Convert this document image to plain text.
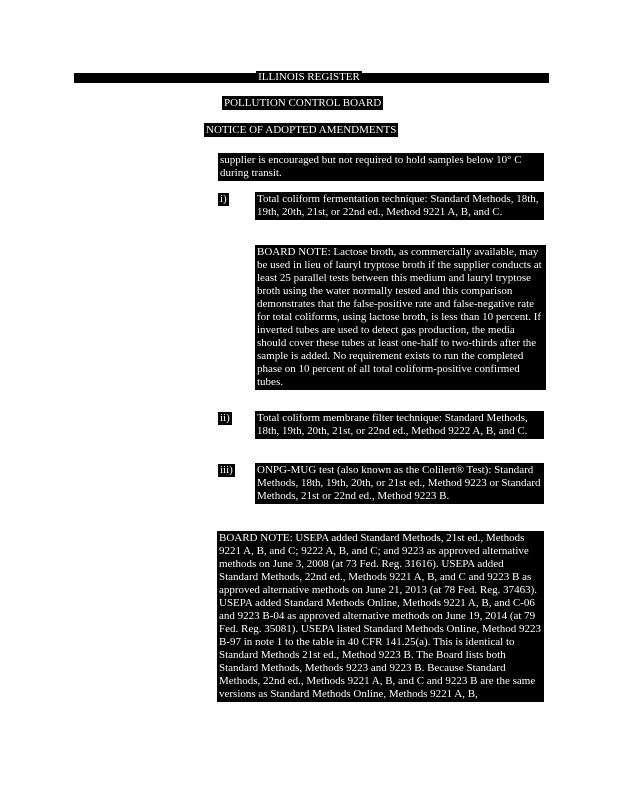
ILLINOIS REGISTER
POLLUTION CONTROL BOARD
NOTICE OF ADOPTED AMENDMENTS
supplier is encouraged but not required to hold samples below 10° C during transit.
i)	Total coliform fermentation technique: Standard Methods, 18th, 19th, 20th, 21st, or 22nd ed., Method 9221 A, B, and C.
BOARD NOTE: Lactose broth, as commercially available, may be used in lieu of lauryl tryptose broth if the supplier conducts at least 25 parallel tests between this medium and lauryl tryptose broth using the water normally tested and this comparison demonstrates that the false-positive rate and false-negative rate for total coliforms, using lactose broth, is less than 10 percent. If inverted tubes are used to detect gas production, the media should cover these tubes at least one-half to two-thirds after the sample is added. No requirement exists to run the completed phase on 10 percent of all total coliform-positive confirmed tubes.
ii) Total coliform membrane filter technique: Standard Methods, 18th, 19th, 20th, 21st, or 22nd ed., Method 9222 A, B, and C.
iii) ONPG-MUG test (also known as the Colilert® Test): Standard Methods, 18th, 19th, 20th, or 21st ed., Method 9223 or Standard Methods, 21st or 22nd ed., Method 9223 B.
BOARD NOTE: USEPA added Standard Methods, 21st ed., Methods 9221 A, B, and C; 9222 A, B, and C; and 9223 as approved alternative methods on June 3, 2008 (at 73 Fed. Reg. 31616). USEPA added Standard Methods, 22nd ed., Methods 9221 A, B, and C and 9223 B as approved alternative methods on June 21, 2013 (at 78 Fed. Reg. 37463). USEPA added Standard Methods Online, Methods 9221 A, B, and C-06 and 9223 B-04 as approved alternative methods on June 19, 2014 (at 79 Fed. Reg. 35081). USEPA listed Standard Methods Online, Method 9223 B-97 in note 1 to the table in 40 CFR 141.25(a). This is identical to Standard Methods 21st ed., Method 9223 B. The Board lists both Standard Methods, Methods 9223 and 9223 B. Because Standard Methods, 22nd ed., Methods 9221 A, B, and C and 9223 B are the same versions as Standard Methods Online, Methods 9221 A, B,
